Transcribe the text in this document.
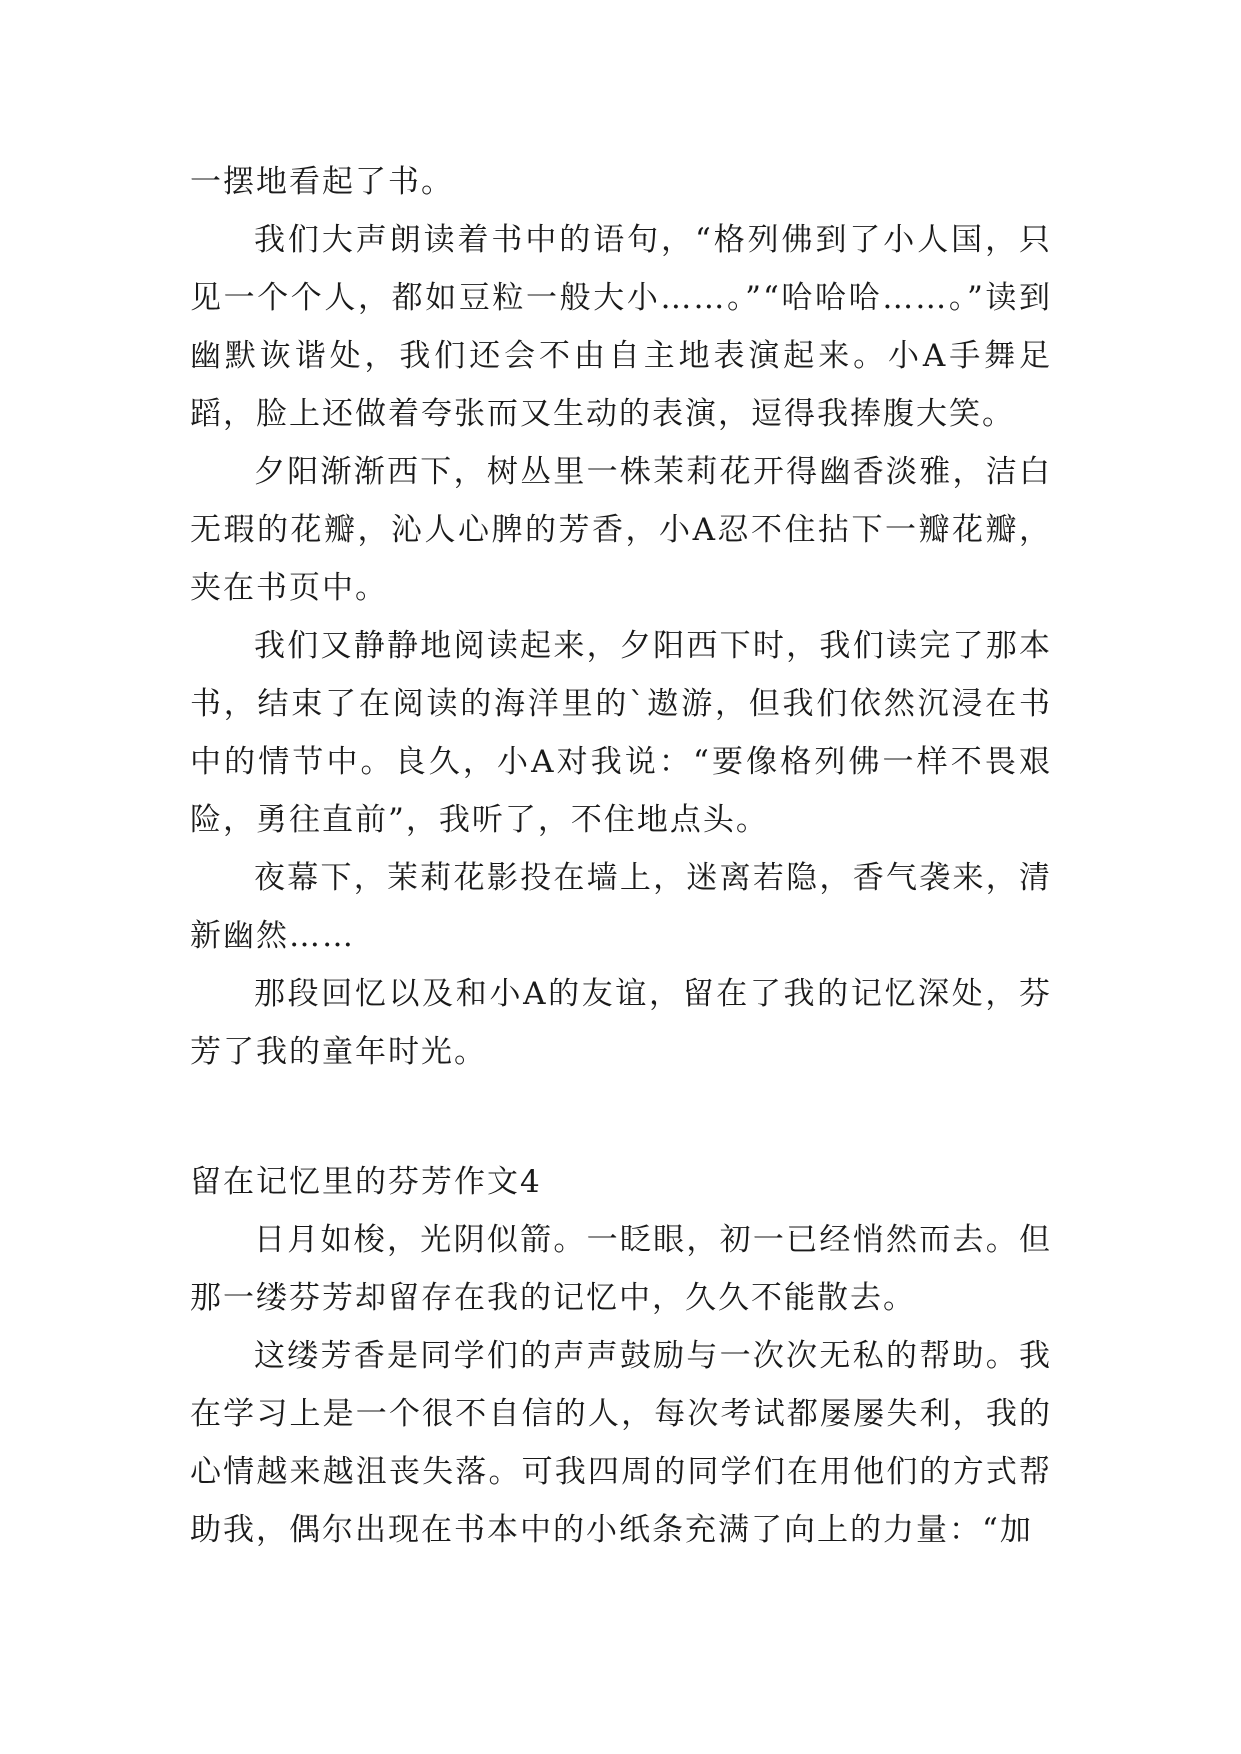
一摆地看起了书。

我们大声朗读着书中的语句，“格列佛到了小人国，只见一个个人，都如豆粒一般大小……。”“哈哈哈……。”读到幽默诙谐处，我们还会不由自主地表演起来。小A手舞足蹈，脸上还做着夸张而又生动的表演，逗得我捧腹大笑。

夕阳渐渐西下，树丛里一株茉莉花开得幽香淡雅，洁白无瑕的花瓣，沁人心脾的芳香，小A忍不住拈下一瓣花瓣，夹在书页中。

我们又静静地阅读起来，夕阳西下时，我们读完了那本书，结束了在阅读的海洋里的`遨游，但我们依然沉浸在书中的情节中。良久，小A对我说：“要像格列佛一样不畏艰险，勇往直前”，我听了，不住地点头。

夜幕下，茉莉花影投在墙上，迷离若隐，香气袭来，清新幽然……

那段回忆以及和小A的友谊，留在了我的记忆深处，芬芳了我的童年时光。

留在记忆里的芬芳作文4

日月如梭，光阴似箭。一眨眼，初一已经悄然而去。但那一缕芬芳却留存在我的记忆中，久久不能散去。

这缕芳香是同学们的声声鼓励与一次次无私的帮助。我在学习上是一个很不自信的人，每次考试都屡屡失利，我的心情越来越沮丧失落。可我四周的同学们在用他们的方式帮助我，偶尔出现在书本中的小纸条充满了向上的力量：“加
